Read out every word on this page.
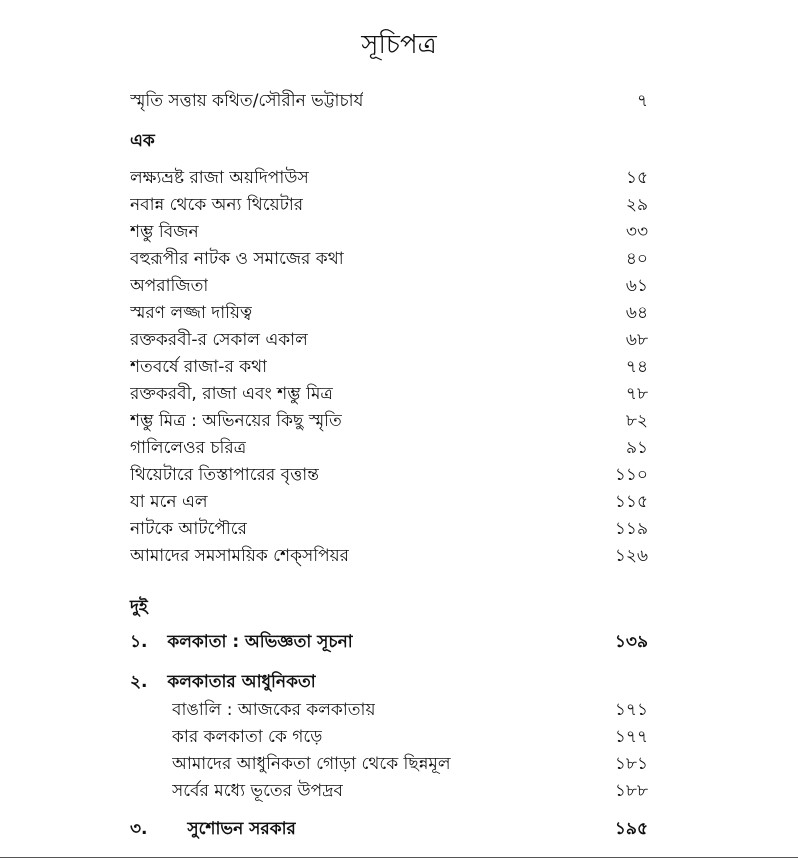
সূচিপত্র
স্মৃতি সত্তায় কথিত/সৌরীন ভট্টাচার্য	৭
এক
লক্ষ্যভ্রষ্ট রাজা অয়দিপাউস	১৫
নবান্ন থেকে অন্য থিয়েটার	২৯
শম্ভু বিজন	৩৩
বহুরূপীর নাটক ও সমাজের কথা	৪০
অপরাজিতা	৬১
স্মরণ লজ্জা দায়িত্ব	৬৪
রক্তকরবী-র সেকাল একাল	৬৮
শতবর্ষে রাজা-র কথা	৭৪
রক্তকরবী, রাজা এবং শম্ভু মিত্র	৭৮
শম্ভু মিত্র : অভিনয়ের কিছু স্মৃতি	৮২
গালিলেওর চরিত্র	৯১
থিয়েটারে তিস্তাপারের বৃত্তান্ত	১১০
যা মনে এল	১১৫
নাটকে আটপৌরে	১১৯
আমাদের সমসাময়িক শেক্‌সপিয়র	১২৬
দুই
১. কলকাতা : অভিজ্ঞতা সূচনা	১৩৯
২. কলকাতার আধুনিকতা
বাঙালি : আজকের কলকাতায়	১৭১
কার কলকাতা কে গড়ে	১৭৭
আমাদের আধুনিকতা গোড়া থেকে ছিন্নমূল	১৮১
সর্বের মধ্যে ভূতের উপদ্রব	১৮৮
৩. সুশোভন সরকার	১৯৫
